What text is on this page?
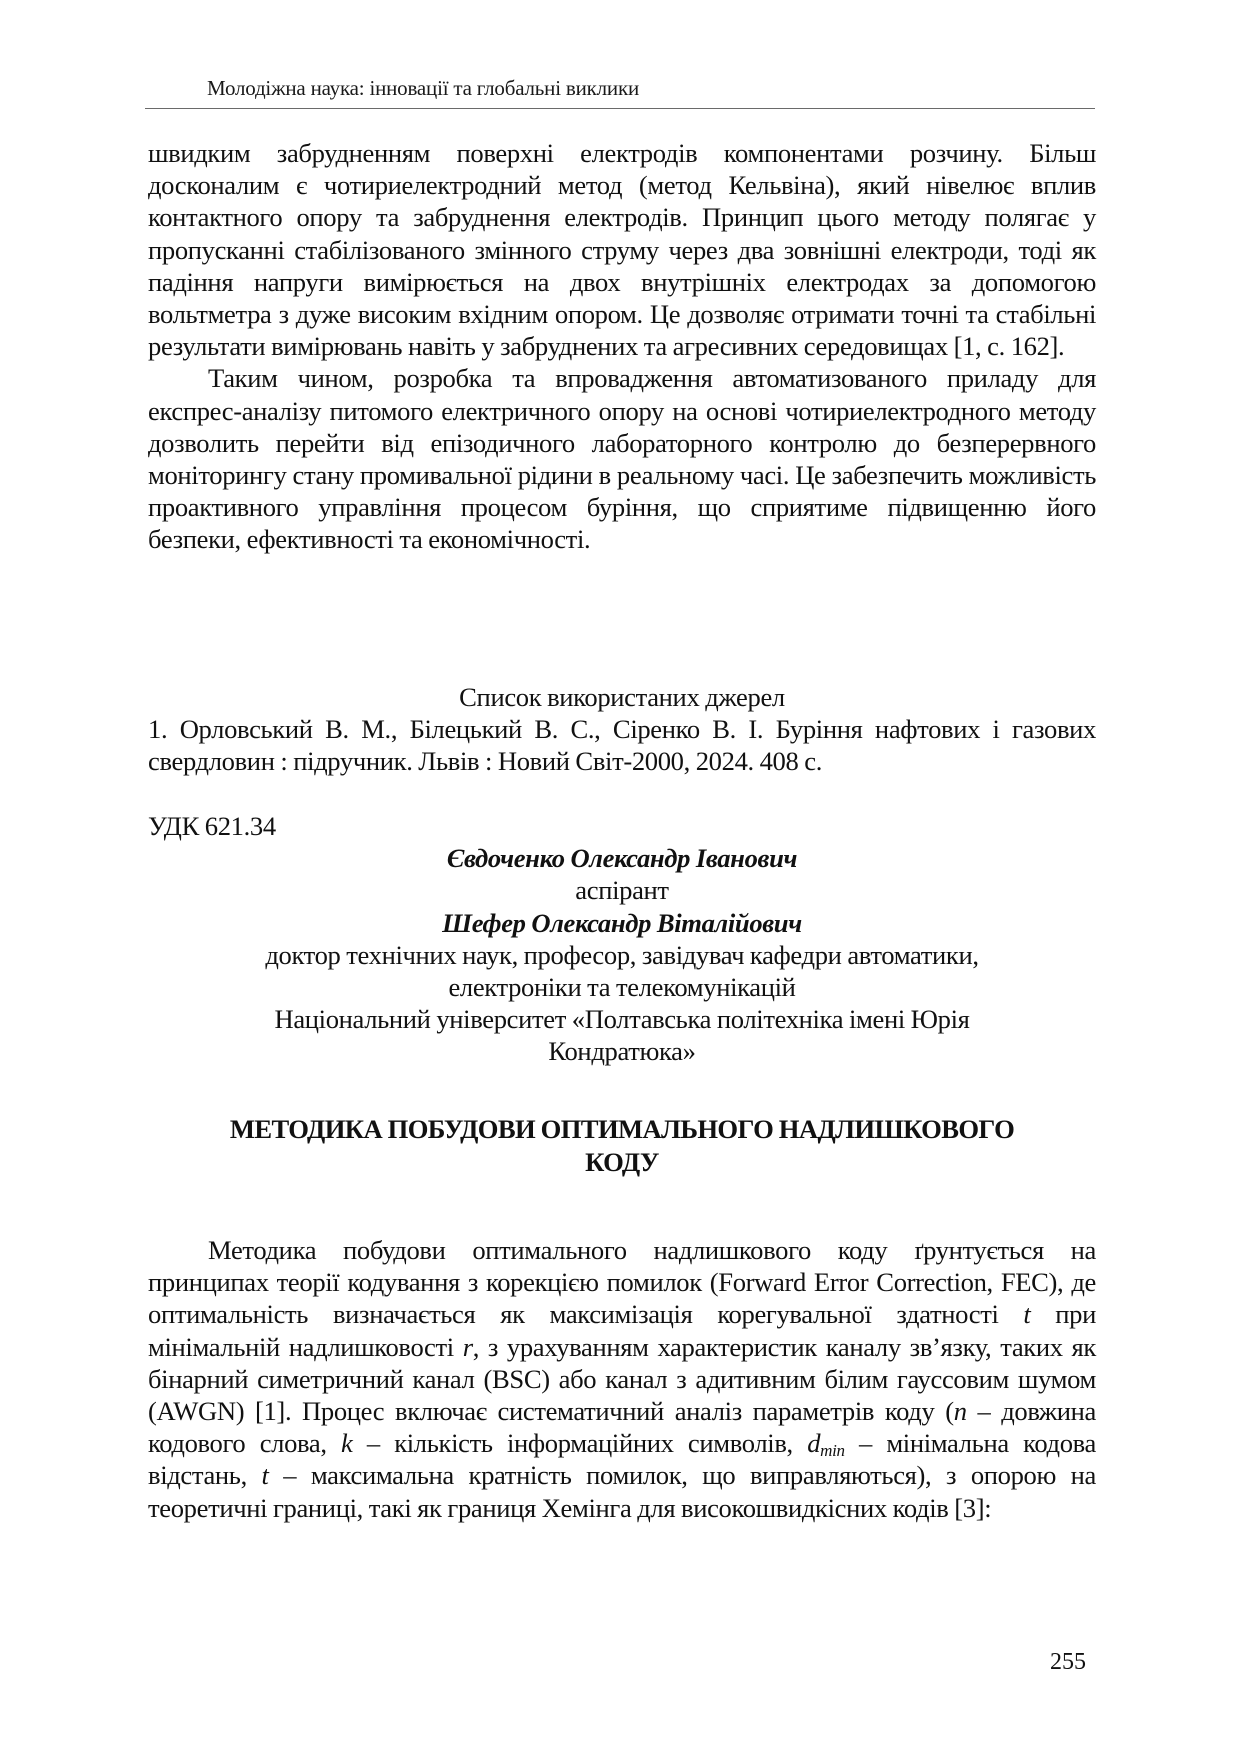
Молодіжна наука: інновації та глобальні виклики

швидким забрудненням поверхні електродів компонентами розчину. Більш досконалим є чотириелектродний метод (метод Кельвіна), який нівелює вплив контактного опору та забруднення електродів. Принцип цього методу полягає у пропусканні стабілізованого змінного струму через два зовнішні електроди, тоді як падіння напруги вимірюється на двох внутрішніх електродах за допомогою вольтметра з дуже високим вхідним опором. Це дозволяє отримати точні та стабільні результати вимірювань навіть у забруднених та агресивних середовищах [1, с. 162].

Таким чином, розробка та впровадження автоматизованого приладу для експрес-аналізу питомого електричного опору на основі чотириелектродного методу дозволить перейти від епізодичного лабораторного контролю до безперервного моніторингу стану промивальної рідини в реальному часі. Це забезпечить можливість проактивного управління процесом буріння, що сприятиме підвищенню його безпеки, ефективності та економічності.

Список використаних джерел

1. Орловський В. М., Білецький В. С., Сіренко В. І. Буріння нафтових і газових свердловин : підручник. Львів : Новий Світ-2000, 2024. 408 с.

УДК 621.34

Євдоченко Олександр Іванович

аспірант

Шефер Олександр Віталійович

доктор технічних наук, професор, завідувач кафедри автоматики,

електроніки та телекомунікацій

Національний університет «Полтавська політехніка імені Юрія

Кондратюка»

МЕТОДИКА ПОБУДОВИ ОПТИМАЛЬНОГО НАДЛИШКОВОГО

КОДУ

Методика побудови оптимального надлишкового коду ґрунтується на принципах теорії кодування з корекцією помилок (Forward Error Correction, FEC), де оптимальність визначається як максимізація корегувальної здатності t при мінімальній надлишковості r, з урахуванням характеристик каналу зв’язку, таких як бінарний симетричний канал (BSC) або канал з адитивним білим гауссовим шумом (AWGN) [1]. Процес включає систематичний аналіз параметрів коду (n – довжина кодового слова, k – кількість інформаційних символів, $d_{min}$ – мінімальна кодова відстань, t – максимальна кратність помилок, що виправляються), з опорою на теоретичні границі, такі як границя Хемінга для високошвидкісних кодів [3]:

255
